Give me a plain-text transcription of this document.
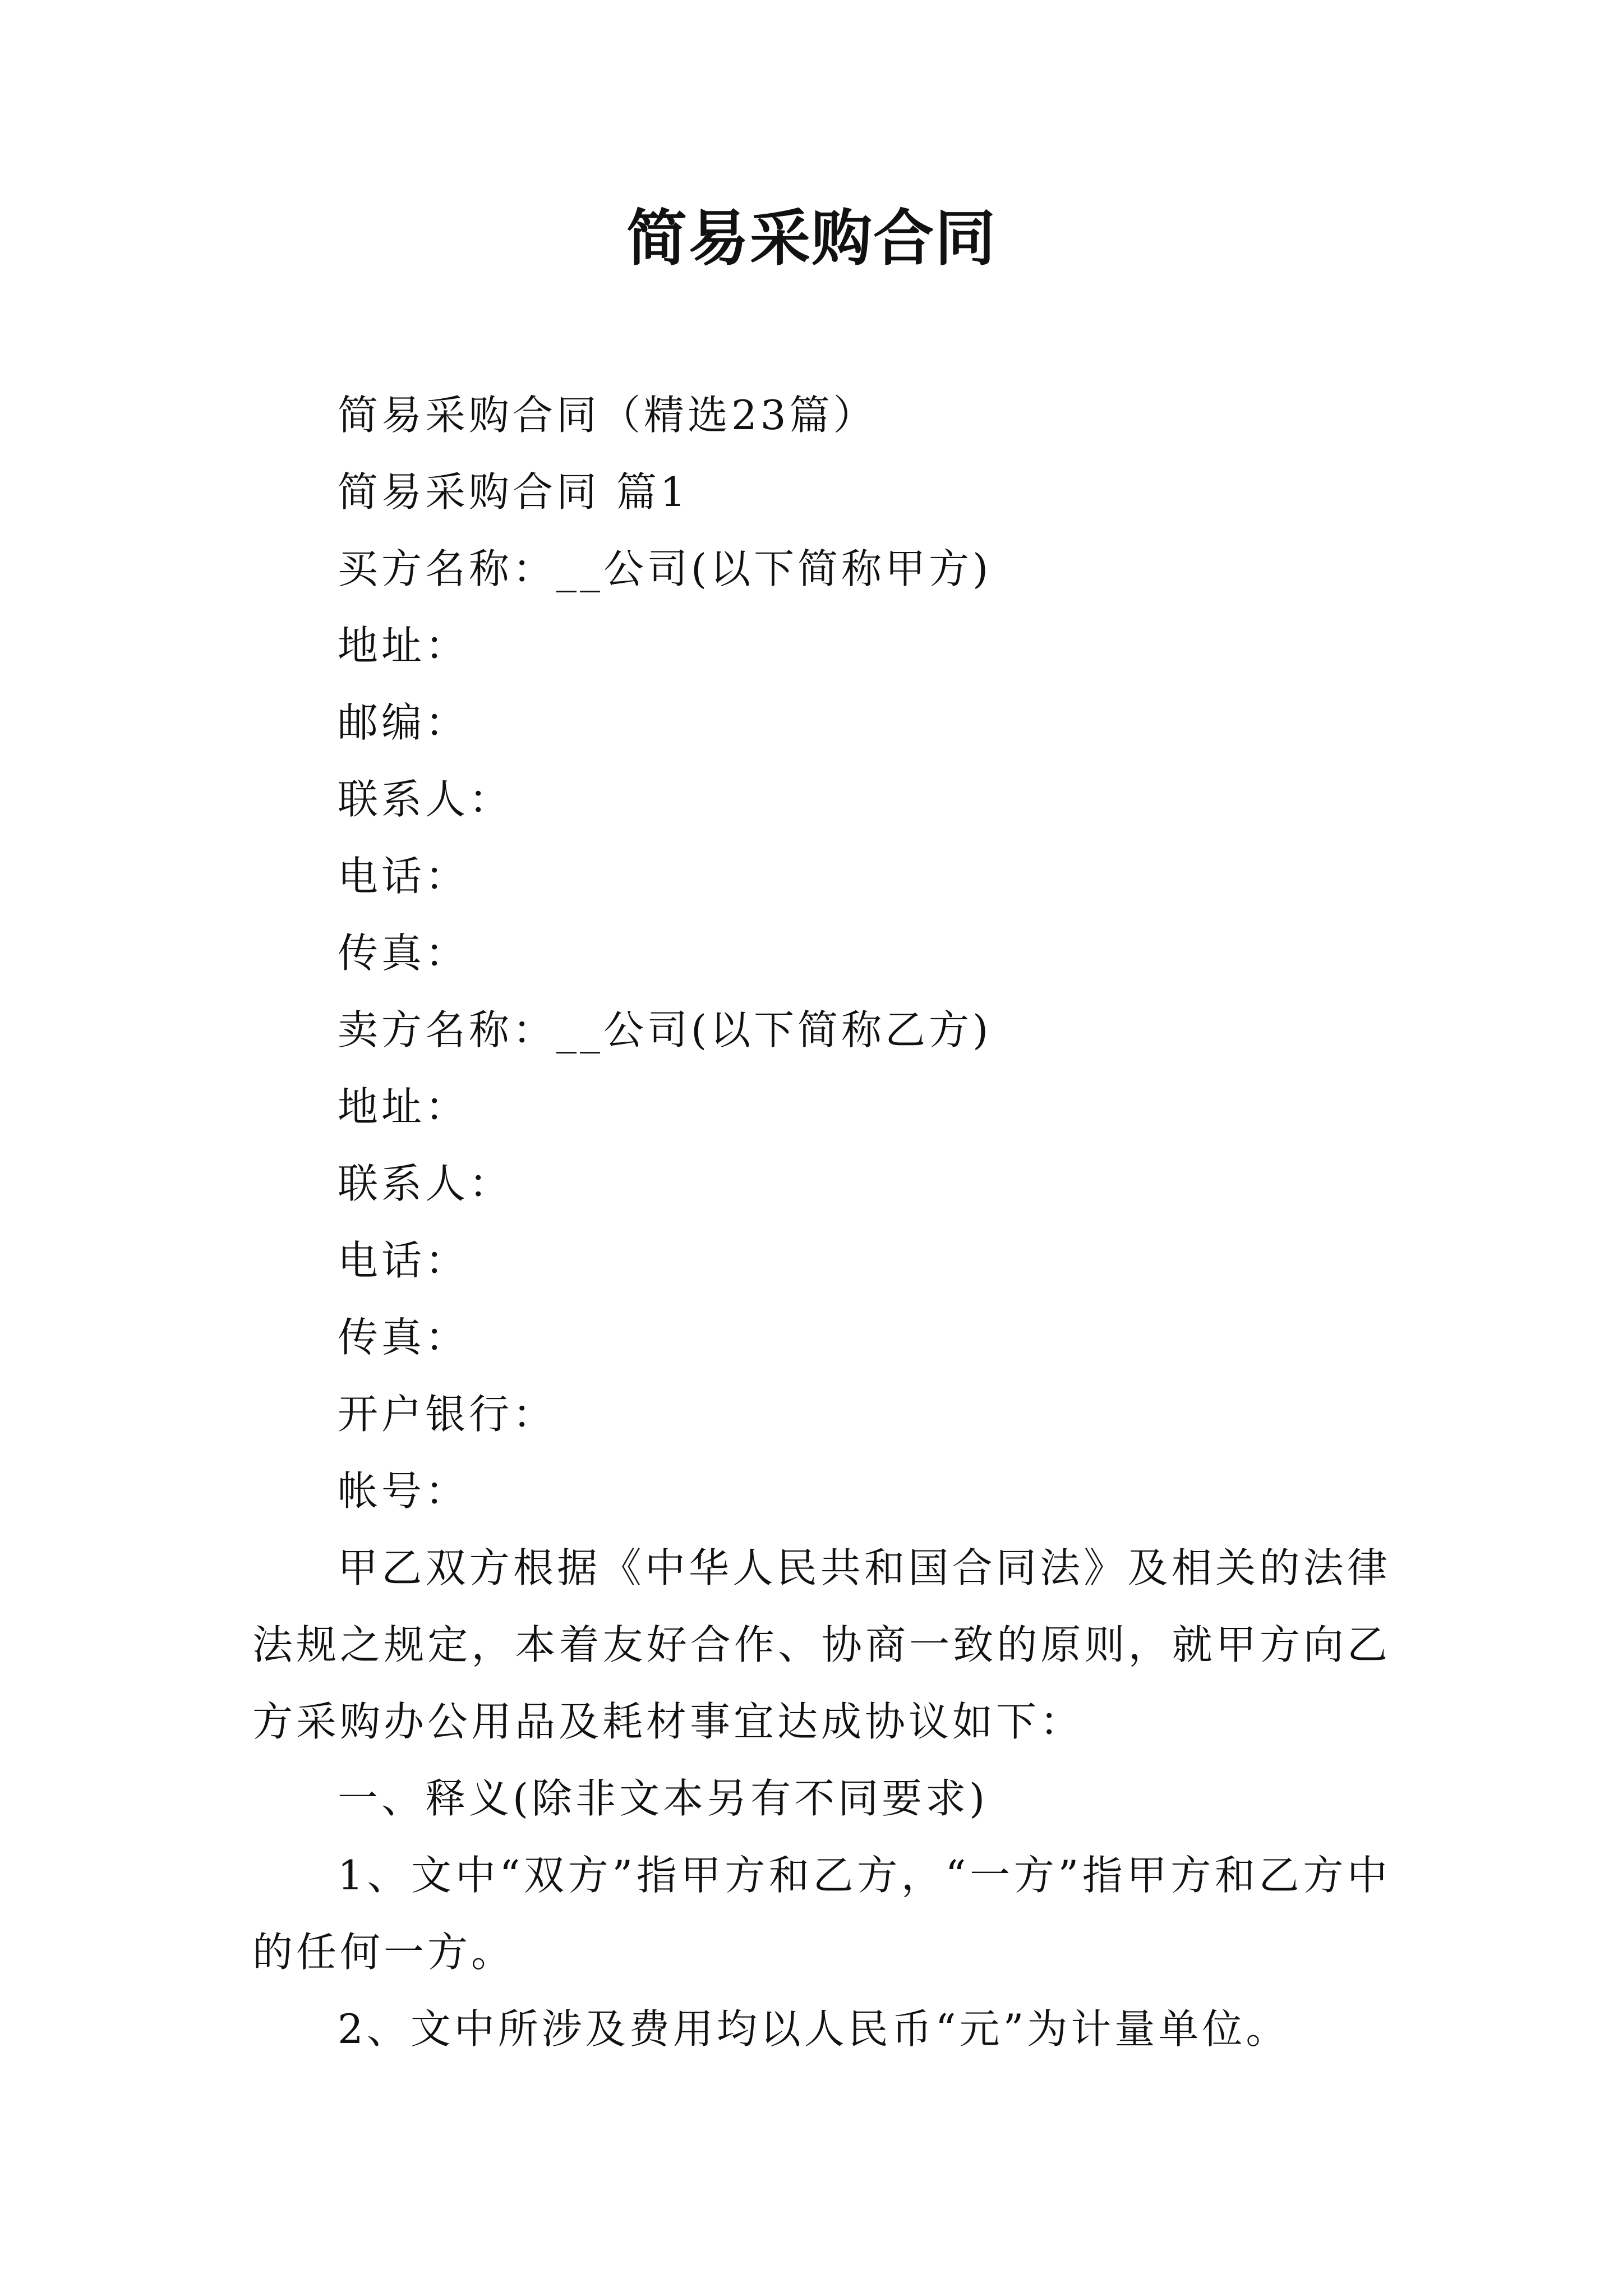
简易采购合同
简易采购合同（精选23篇）
简易采购合同 篇1
买方名称：__公司(以下简称甲方)
地址：
邮编：
联系人：
电话：
传真：
卖方名称：__公司(以下简称乙方)
地址：
联系人：
电话：
传真：
开户银行：
帐号：
甲乙双方根据《中华人民共和国合同法》及相关的法律法规之规定，本着友好合作、协商一致的原则，就甲方向乙方采购办公用品及耗材事宜达成协议如下：
一、释义(除非文本另有不同要求)
1、文中“双方”指甲方和乙方，“一方”指甲方和乙方中的任何一方。
2、文中所涉及费用均以人民币“元”为计量单位。
